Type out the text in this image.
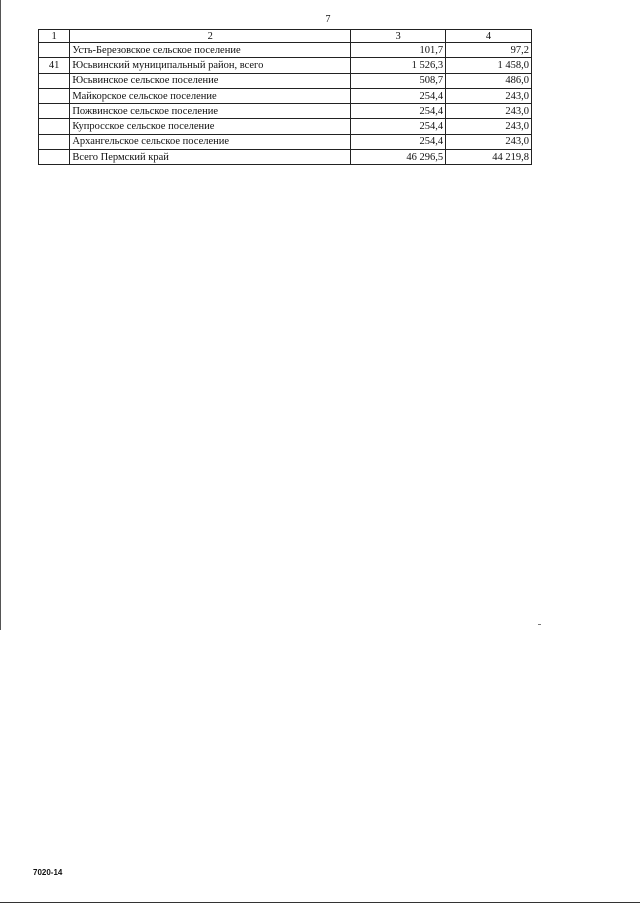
7
1	2	3	4
	Усть-Березовское сельское поселение	101,7	97,2
41	Юсьвинский муниципальный район, всего	1 526,3	1 458,0
	Юсьвинское сельское поселение	508,7	486,0
	Майкорское сельское поселение	254,4	243,0
	Пожвинское сельское поселение	254,4	243,0
	Купросское сельское поселение	254,4	243,0
	Архангельское сельское поселение	254,4	243,0
	Всего Пермский край	46 296,5	44 219,8
7020-14
